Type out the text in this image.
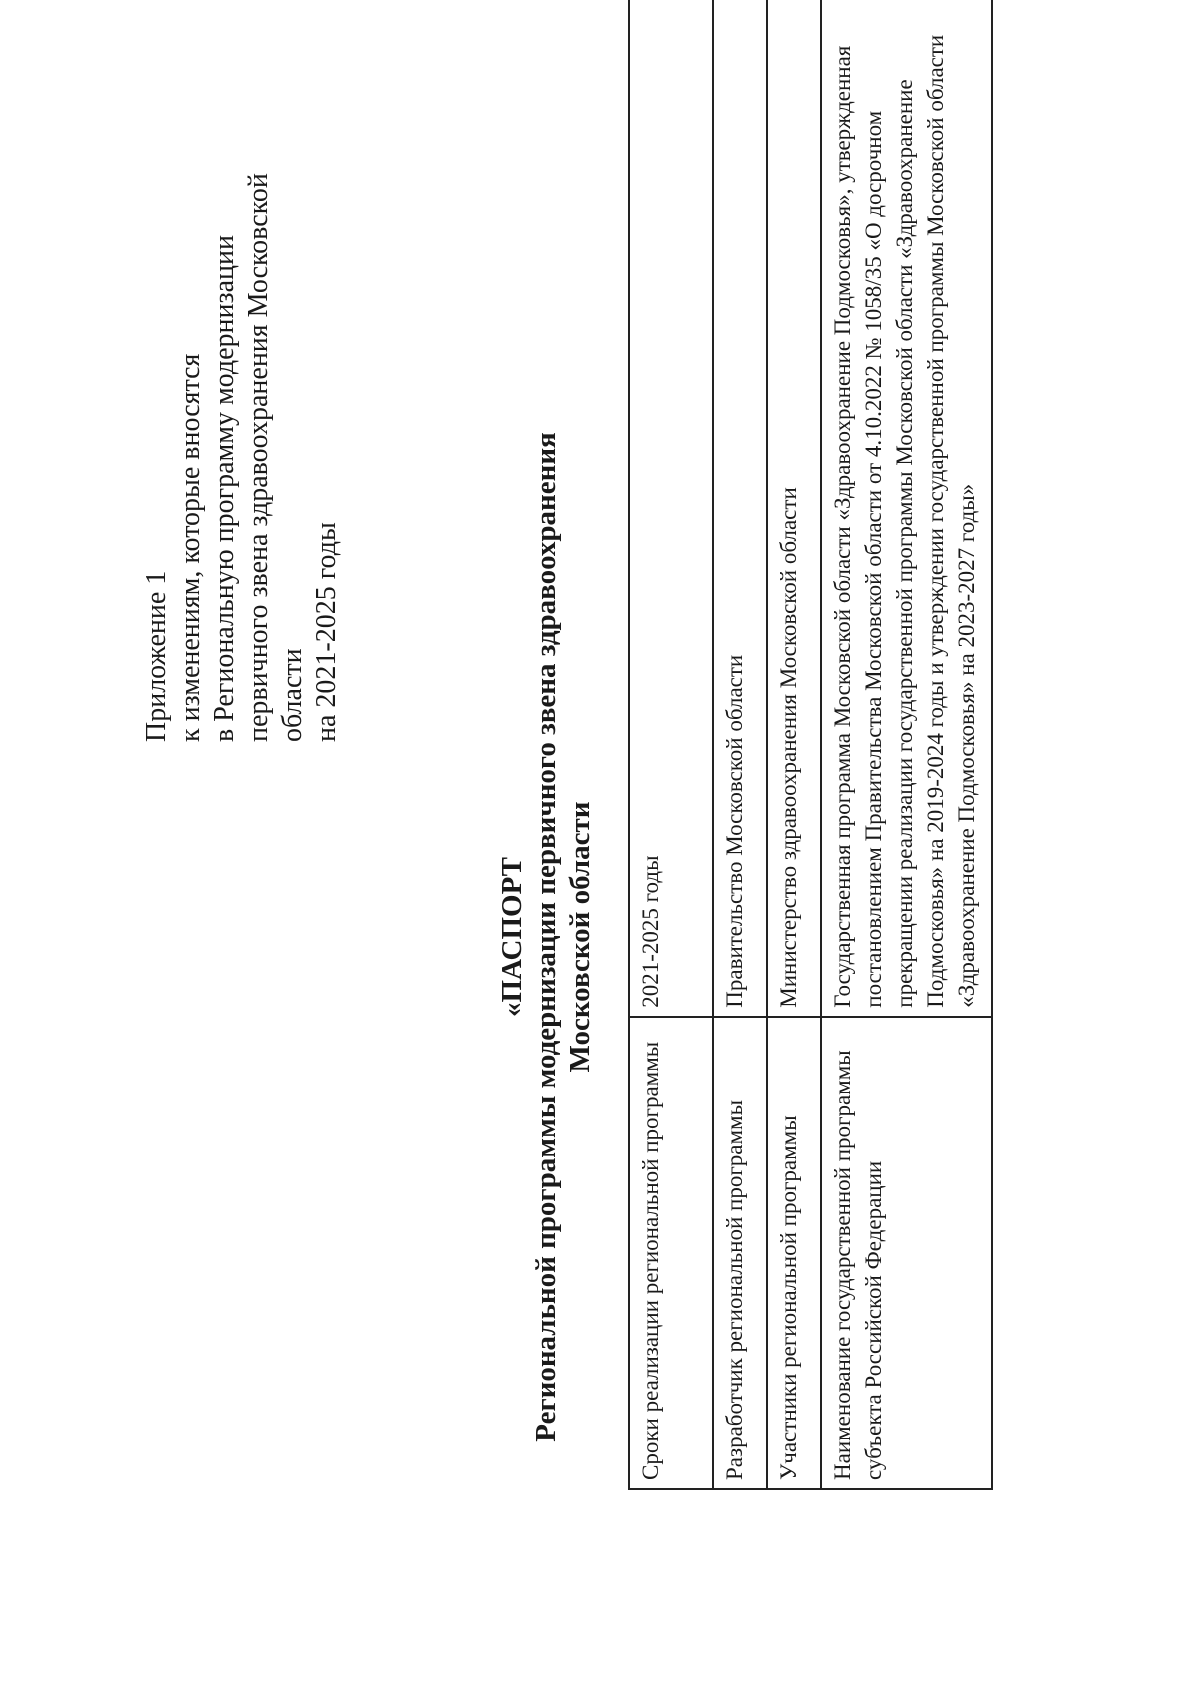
Приложение 1 к изменениям, которые вносятся в Региональную программу модернизации первичного звена здравоохранения Московской области на 2021-2025 годы
«ПАСПОРТ Региональной программы модернизации первичного звена здравоохранения Московской области
Сроки реализации региональной программы	2021-2025 годы
Разработчик региональной программы	Правительство Московской области
Участники региональной программы	Министерство здравоохранения Московской области
Наименование государственной программы субъекта Российской Федерации	Государственная программа Московской области «Здравоохранение Подмосковья», утвержденная постановлением Правительства Московской области от 4.10.2022 № 1058/35 «О досрочном прекращении реализации государственной программы Московской области «Здравоохранение Подмосковья» на 2019-2024 годы и утверждении государственной программы Московской области «Здравоохранение Подмосковья» на 2023-2027 годы»
